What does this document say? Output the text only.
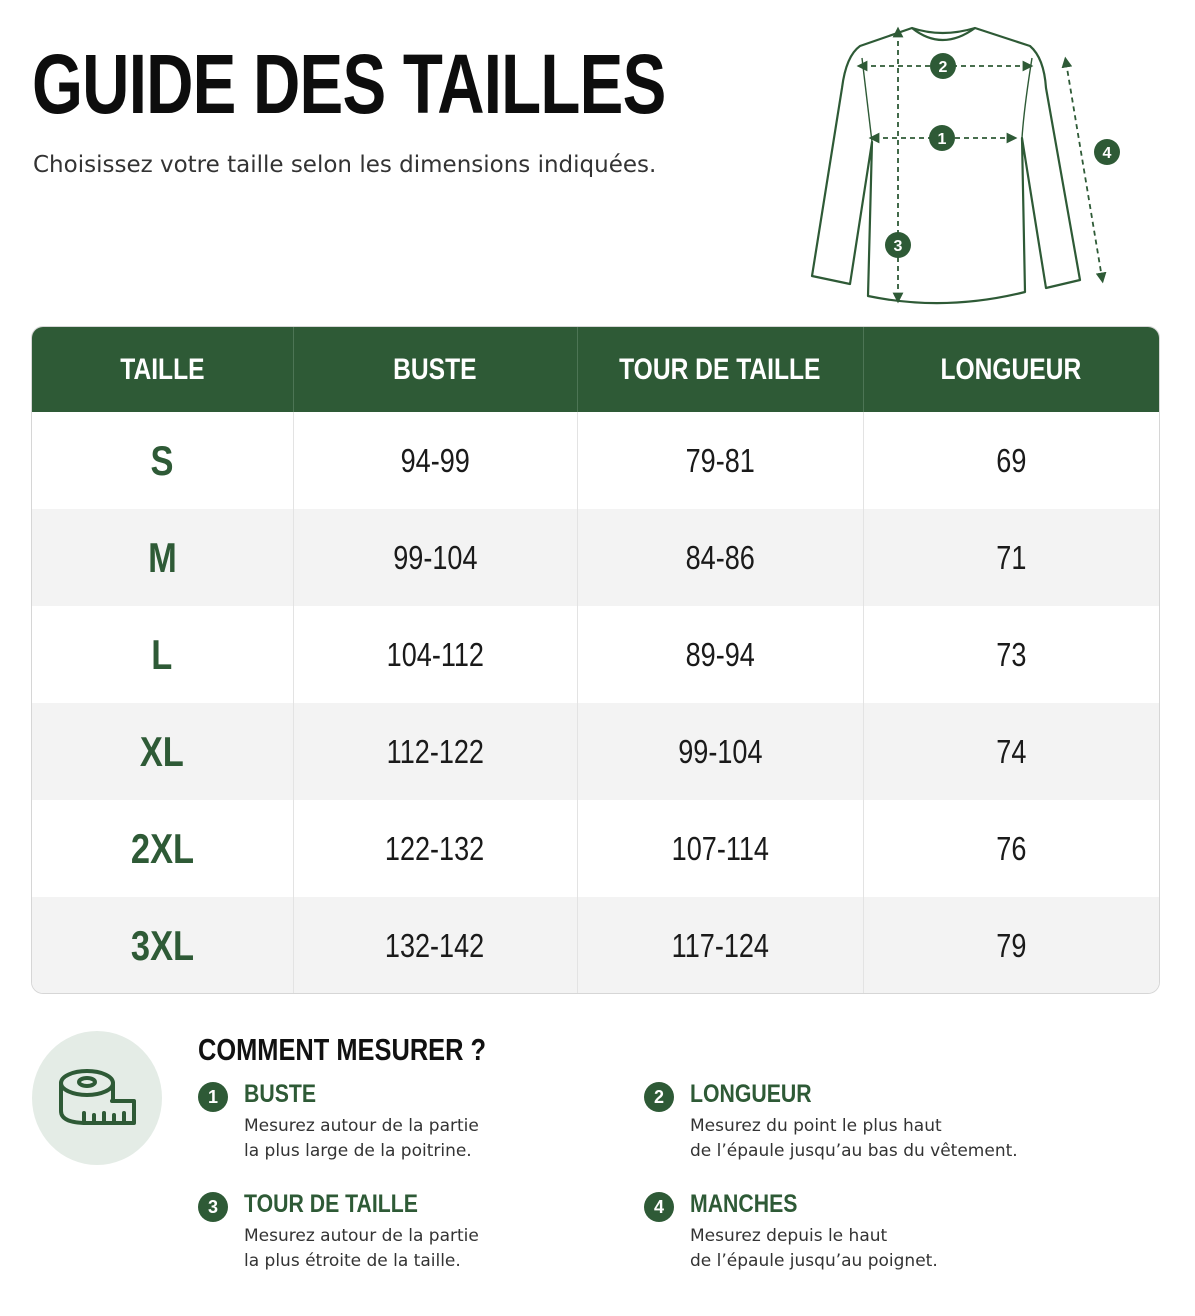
GUIDE DES TAILLES
Choisissez votre taille selon les dimensions indiquées.
2
1
3
4
TAILLE	BUSTE	TOUR DE TAILLE	LONGUEUR
S	94-99	79-81	69
M	99-104	84-86	71
L	104-112	89-94	73
XL	112-122	99-104	74
2XL	122-132	107-114	76
3XL	132-142	117-124	79
COMMENT MESURER ?
1	BUSTE
Mesurez autour de la partie
la plus large de la poitrine.
2	LONGUEUR
Mesurez du point le plus haut
de l’épaule jusqu’au bas du vêtement.
3	TOUR DE TAILLE
Mesurez autour de la partie
la plus étroite de la taille.
4	MANCHES
Mesurez depuis le haut
de l’épaule jusqu’au poignet.
